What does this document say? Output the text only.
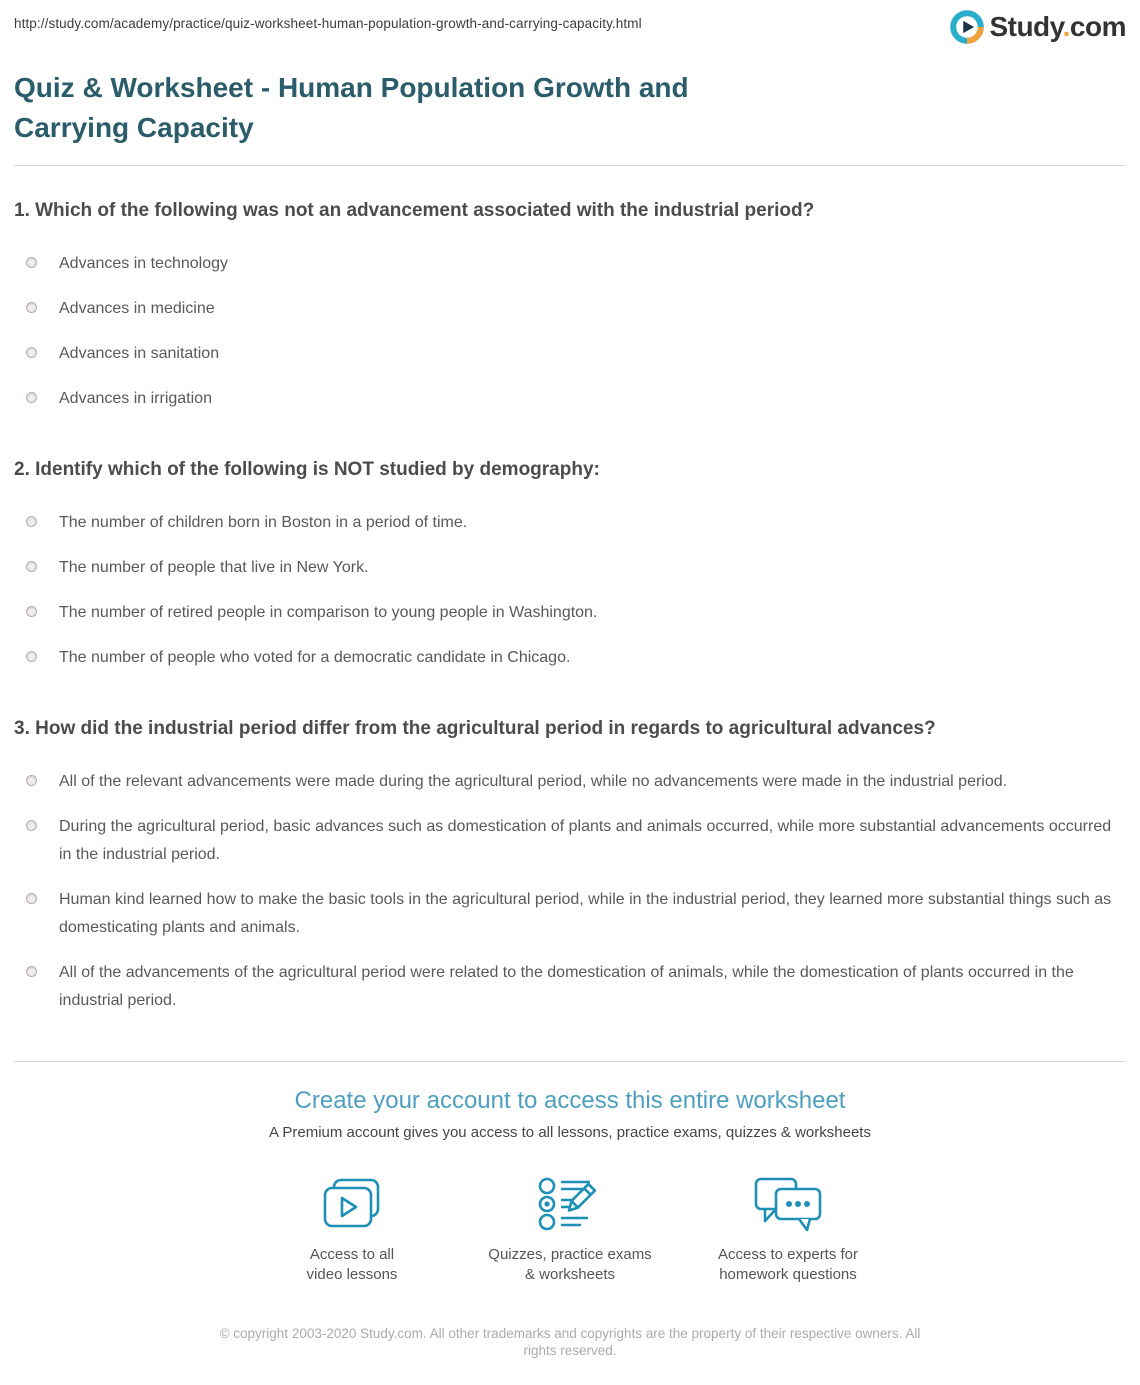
http://study.com/academy/practice/quiz-worksheet-human-population-growth-and-carrying-capacity.html	Study.com
Quiz & Worksheet - Human Population Growth and Carrying Capacity
1. Which of the following was not an advancement associated with the industrial period?
Advances in technology
Advances in medicine
Advances in sanitation
Advances in irrigation
2. Identify which of the following is NOT studied by demography:
The number of children born in Boston in a period of time.
The number of people that live in New York.
The number of retired people in comparison to young people in Washington.
The number of people who voted for a democratic candidate in Chicago.
3. How did the industrial period differ from the agricultural period in regards to agricultural advances?
All of the relevant advancements were made during the agricultural period, while no advancements were made in the industrial period.
During the agricultural period, basic advances such as domestication of plants and animals occurred, while more substantial advancements occurred in the industrial period.
Human kind learned how to make the basic tools in the agricultural period, while in the industrial period, they learned more substantial things such as domesticating plants and animals.
All of the advancements of the agricultural period were related to the domestication of animals, while the domestication of plants occurred in the industrial period.
Create your account to access this entire worksheet
A Premium account gives you access to all lessons, practice exams, quizzes & worksheets
Access to all
video lessons
Quizzes, practice exams
& worksheets
Access to experts for
homework questions
© copyright 2003-2020 Study.com. All other trademarks and copyrights are the property of their respective owners. All rights reserved.
